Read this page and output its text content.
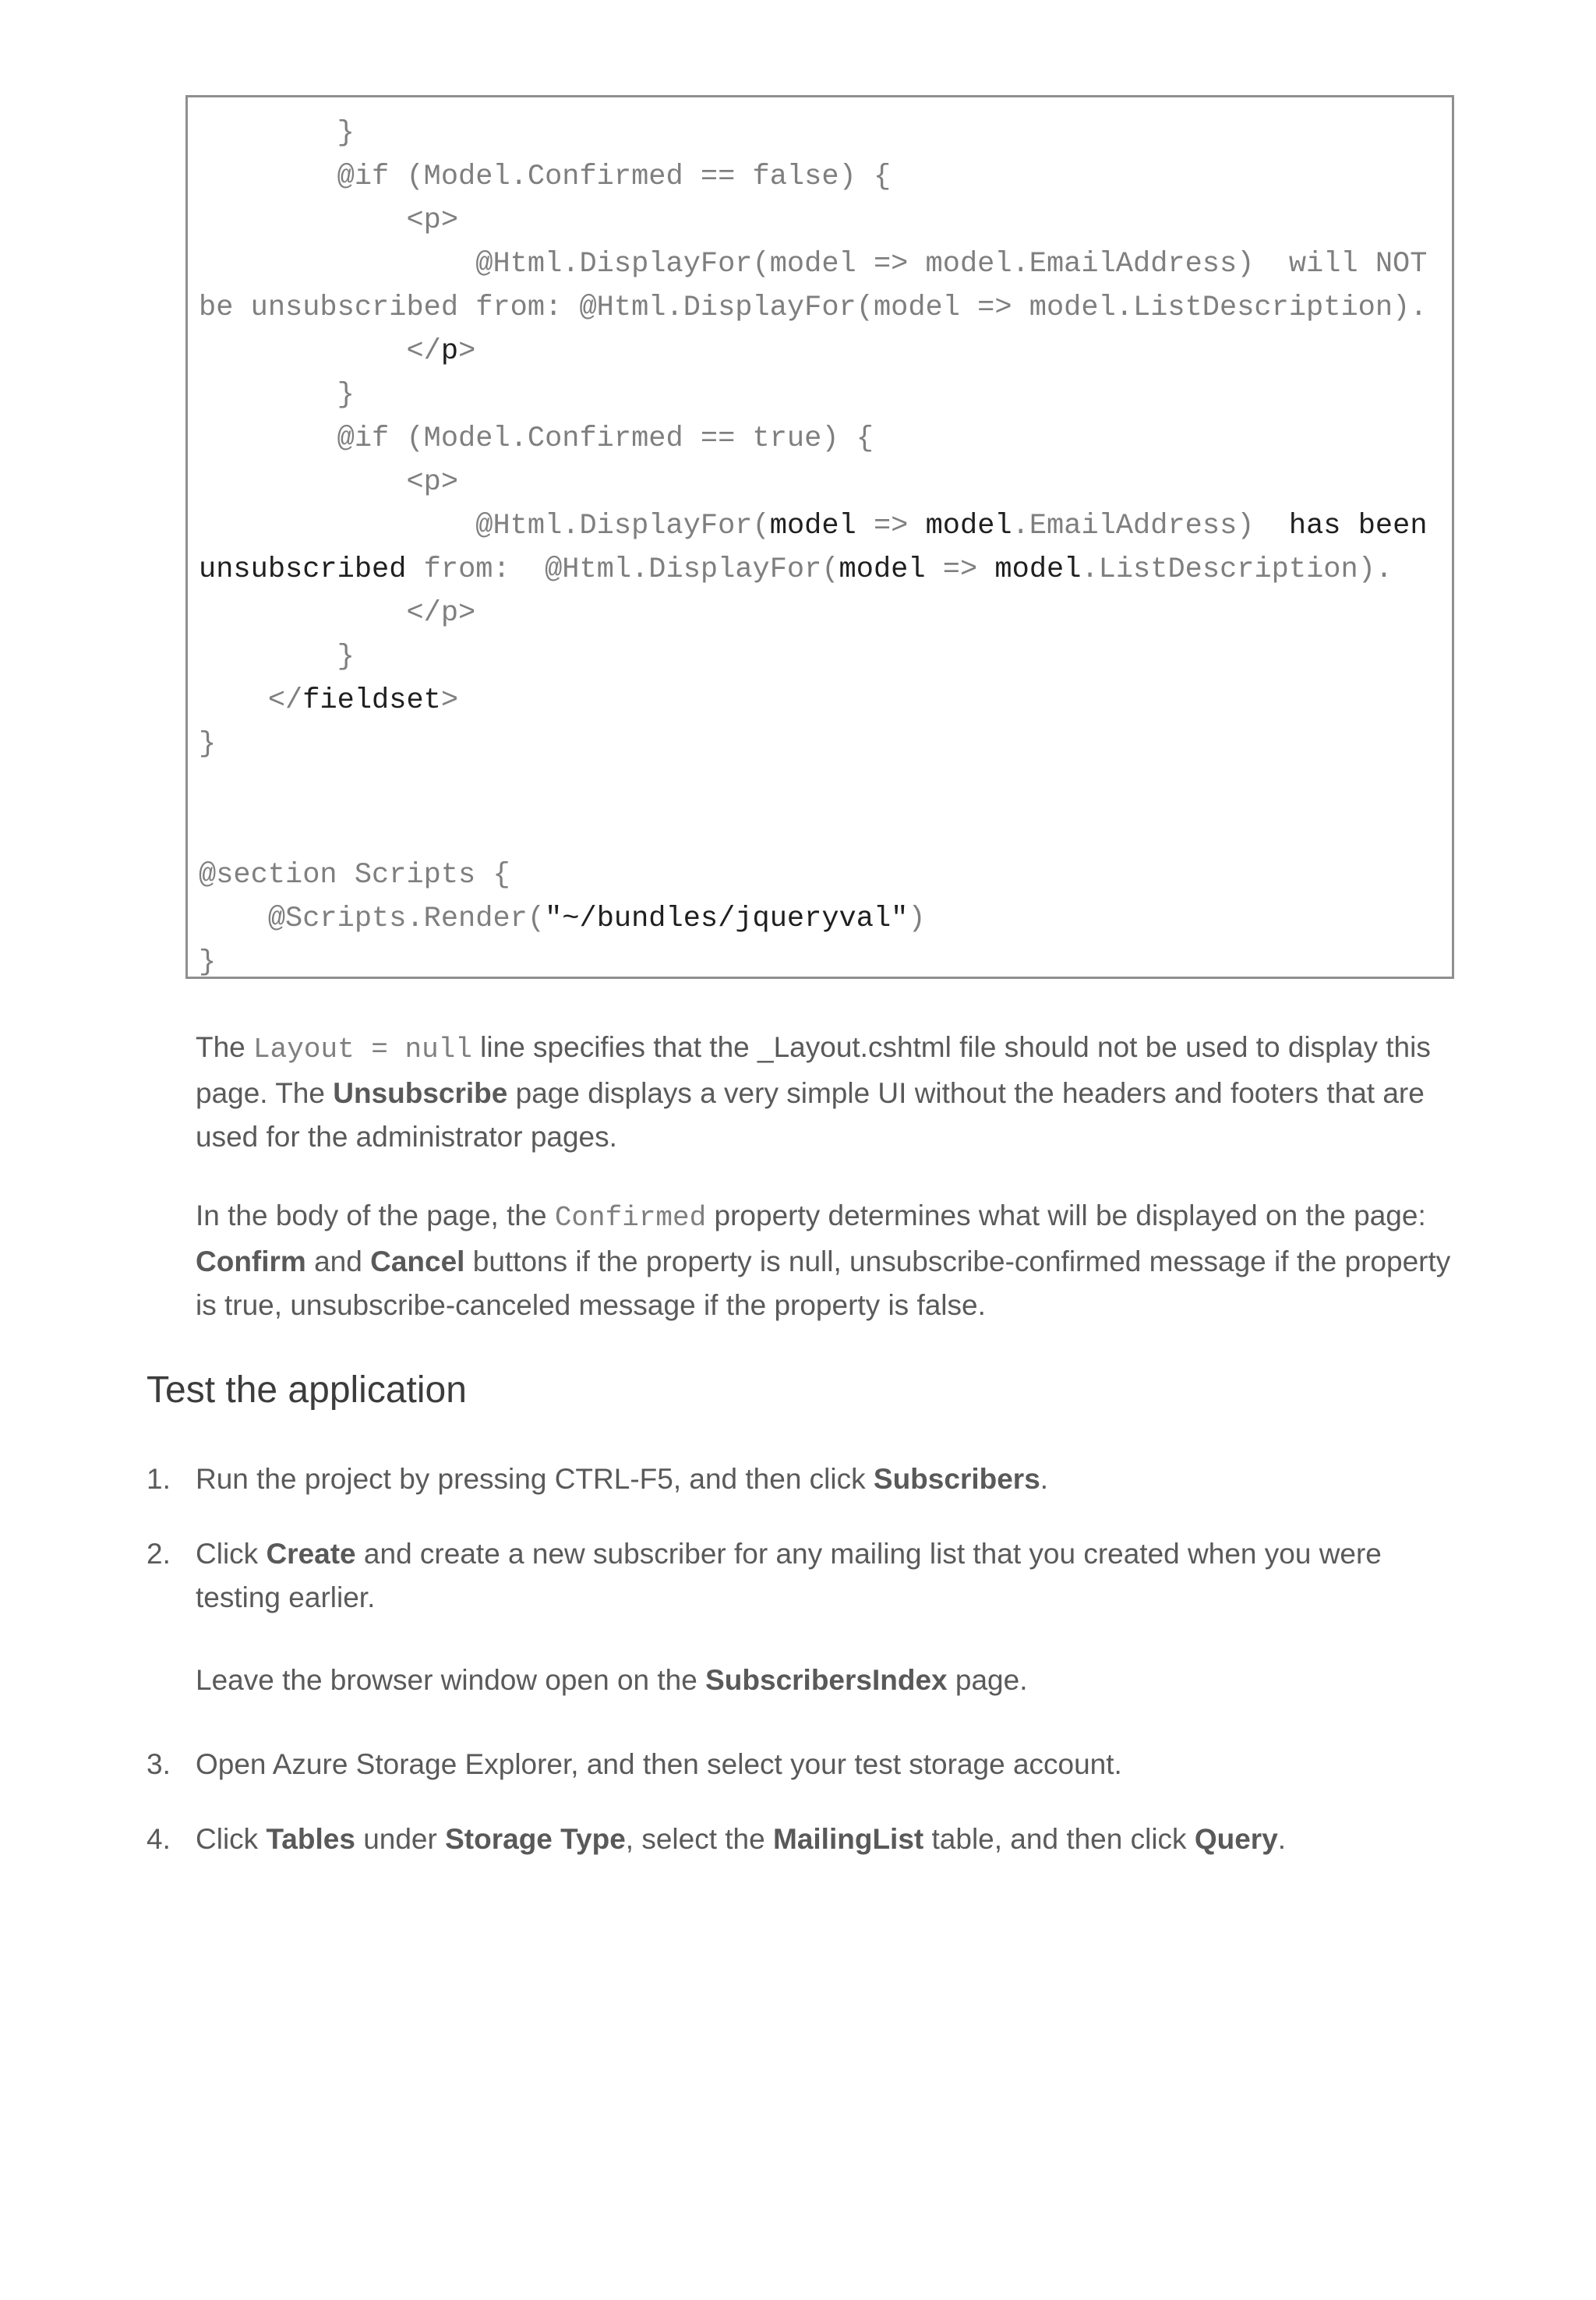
}
@if (Model.Confirmed == false) {
<p>
@Html.DisplayFor(model => model.EmailAddress)  will NOT
be unsubscribed from: @Html.DisplayFor(model => model.ListDescription).
</p>
}
@if (Model.Confirmed == true) {
<p>
@Html.DisplayFor(model => model.EmailAddress)  has been
unsubscribed from:  @Html.DisplayFor(model => model.ListDescription).
</p>
}
</fieldset>
}
@section Scripts {
@Scripts.Render("~/bundles/jqueryval")
}
The Layout = null line specifies that the _Layout.cshtml file should not be used to display this page. The Unsubscribe page displays a very simple UI without the headers and footers that are used for the administrator pages.
In the body of the page, the Confirmed property determines what will be displayed on the page: Confirm and Cancel buttons if the property is null, unsubscribe-confirmed message if the property is true, unsubscribe-canceled message if the property is false.
Test the application
1. Run the project by pressing CTRL-F5, and then click Subscribers.
2. Click Create and create a new subscriber for any mailing list that you created when you were testing earlier.
Leave the browser window open on the SubscribersIndex page.
3. Open Azure Storage Explorer, and then select your test storage account.
4. Click Tables under Storage Type, select the MailingList table, and then click Query.
